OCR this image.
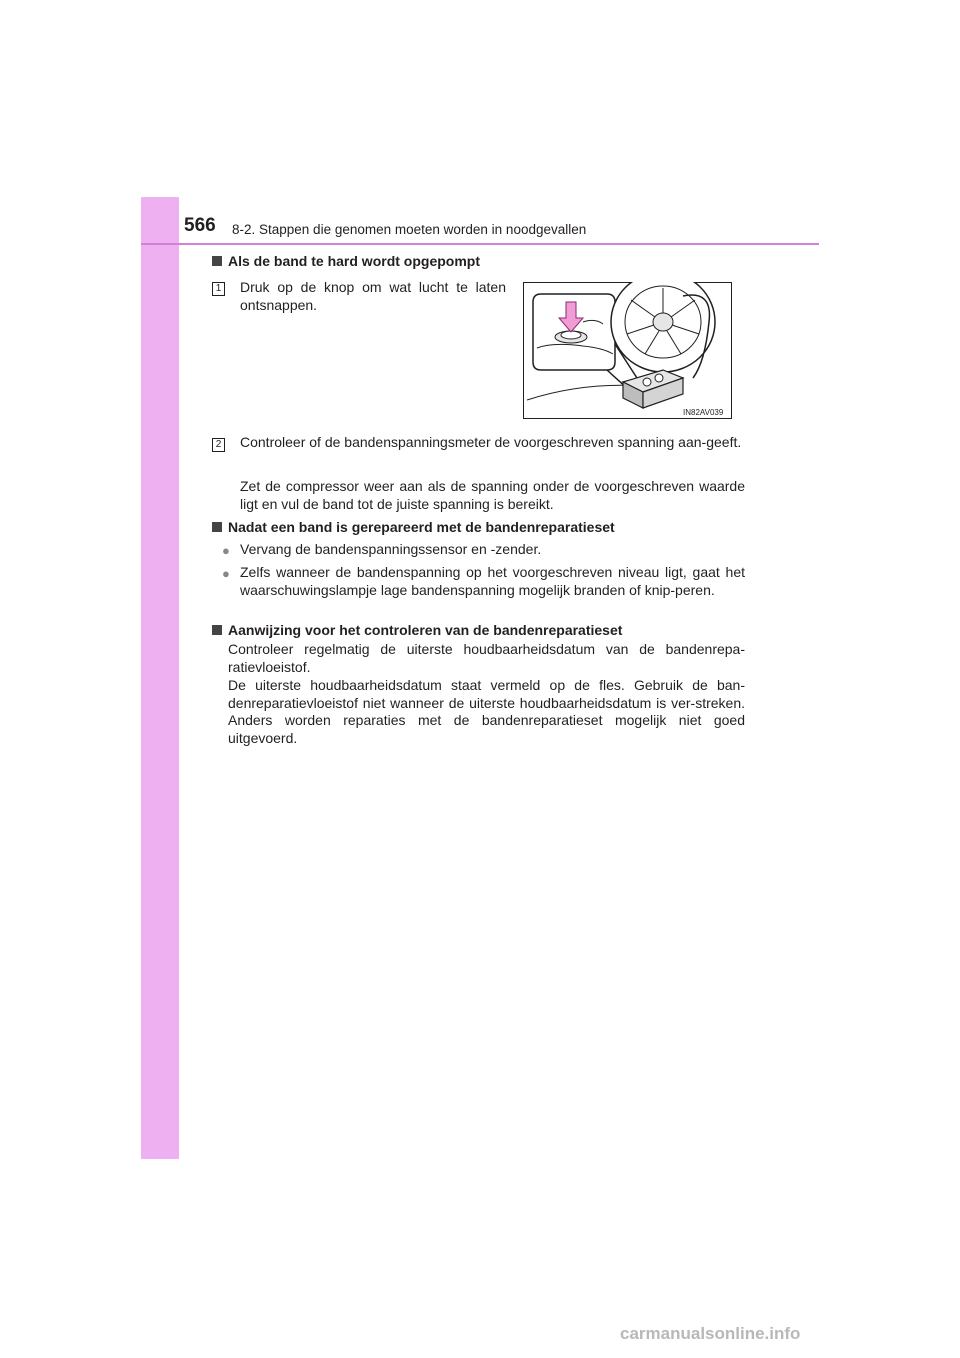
566 8-2. Stappen die genomen moeten worden in noodgevallen
Als de band te hard wordt opgepompt
1 Druk op de knop om wat lucht te laten ontsnappen.
IN82AV039
2 Controleer of de bandenspanningsmeter de voorgeschreven spanning aan-geeft.
Zet de compressor weer aan als de spanning onder de voorgeschreven waarde ligt en vul de band tot de juiste spanning is bereikt.
Nadat een band is gerepareerd met de bandenreparatieset
● Vervang de bandenspanningssensor en -zender.
● Zelfs wanneer de bandenspanning op het voorgeschreven niveau ligt, gaat het waarschuwingslampje lage bandenspanning mogelijk branden of knip-peren.
Aanwijzing voor het controleren van de bandenreparatieset
Controleer regelmatig de uiterste houdbaarheidsdatum van de bandenrepa-ratievloeistof.
De uiterste houdbaarheidsdatum staat vermeld op de fles. Gebruik de ban-denreparatievloeistof niet wanneer de uiterste houdbaarheidsdatum is ver-streken. Anders worden reparaties met de bandenreparatieset mogelijk niet goed uitgevoerd.
carmanualsonline.info
